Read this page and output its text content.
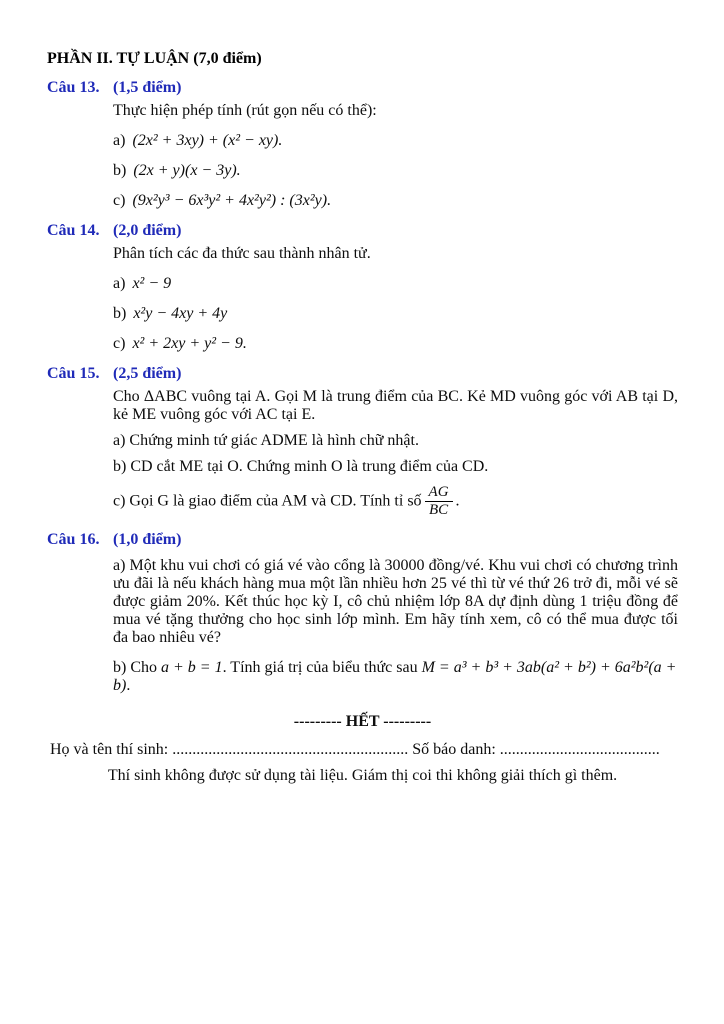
PHẦN II. TỰ LUẬN (7,0 điểm)
Câu 13. (1,5 điểm)

Thực hiện phép tính (rút gọn nếu có thể):

a) (2x² + 3xy) + (x² − xy).

b) (2x + y)(x − 3y).

c) (9x²y³ − 6x³y² + 4x²y²) : (3x²y).

Câu 14. (2,0 điểm)

Phân tích các đa thức sau thành nhân tử.

a) x² − 9

b) x²y − 4xy + 4y

c) x² + 2xy + y² − 9.

Câu 15. (2,5 điểm)

Cho ΔABC vuông tại A. Gọi M là trung điểm của BC. Kẻ MD vuông góc với AB tại D, kẻ ME vuông góc với AC tại E.

a) Chứng minh tứ giác ADME là hình chữ nhật.

b) CD cắt ME tại O. Chứng minh O là trung điểm của CD.

c) Gọi G là giao điểm của AM và CD. Tính tỉ số $\frac{AG}{BC}$ .

Câu 16. (1,0 điểm)

a) Một khu vui chơi có giá vé vào cổng là 30000 đồng/vé. Khu vui chơi có chương trình ưu đãi là nếu khách hàng mua một lần nhiều hơn 25 vé thì từ vé thứ 26 trở đi, mỗi vé sẽ được giảm 20%. Kết thúc học kỳ I, cô chủ nhiệm lớp 8A dự định dùng 1 triệu đồng để mua vé tặng thưởng cho học sinh lớp mình. Em hãy tính xem, cô có thể mua được tối đa bao nhiêu vé?

b) Cho a + b = 1. Tính giá trị của biểu thức sau M = a³ + b³ + 3ab(a² + b²) + 6a²b²(a + b).

--------- HẾT ---------

Họ và tên thí sinh: ........................................................... Số báo danh: ........................................

Thí sinh không được sử dụng tài liệu. Giám thị coi thi không giải thích gì thêm.
